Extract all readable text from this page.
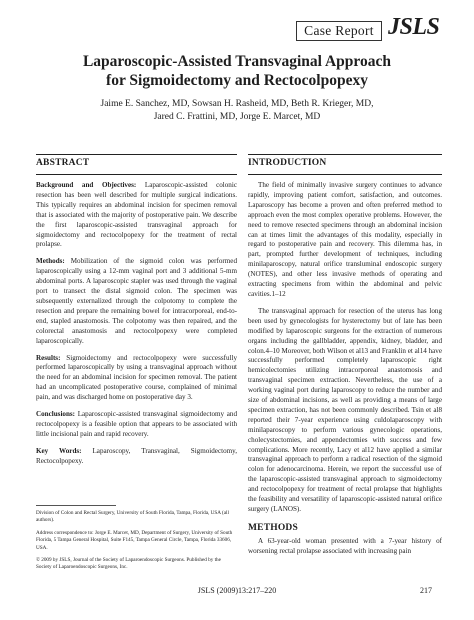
Case Report JSLS
Laparoscopic-Assisted Transvaginal Approach
for Sigmoidectomy and Rectocolpopexy
Jaime E. Sanchez, MD, Sowsan H. Rasheid, MD, Beth R. Krieger, MD,
Jared C. Frattini, MD, Jorge E. Marcet, MD
ABSTRACT

Background and Objectives: Laparoscopic-assisted colonic resection has been well described for multiple surgical indications. This typically requires an abdominal incision for specimen removal that is associated with the majority of postoperative pain. We describe the first laparoscopic-assisted transvaginal approach for sigmoidectomy and rectocolpopexy for the treatment of rectal prolapse.

Methods: Mobilization of the sigmoid colon was performed laparoscopically using a 12-mm vaginal port and 3 additional 5-mm abdominal ports. A laparoscopic stapler was used through the vaginal port to transect the distal sigmoid colon. The specimen was subsequently externalized through the colpotomy to complete the resection and prepare the remaining bowel for intracorporeal, end-to-end, stapled anastomosis. The colpotomy was then repaired, and the colorectal anastomosis and rectocolpopexy were completed laparoscopically.

Results: Sigmoidectomy and rectocolpopexy were successfully performed laparoscopically by using a transvaginal approach without the need for an abdominal incision for specimen removal. The patient had an uncomplicated postoperative course, complained of minimal pain, and was discharged home on postoperative day 3.

Conclusions: Laparoscopic-assisted transvaginal sigmoidectomy and rectocolpopexy is a feasible option that appears to be associated with little incisional pain and rapid recovery.

Key Words: Laparoscopy, Transvaginal, Sigmoidectomy, Rectocolpopexy.

INTRODUCTION

The field of minimally invasive surgery continues to advance rapidly, improving patient comfort, satisfaction, and outcomes. Laparoscopy has become a proven and often preferred method to approach even the most complex operative problems. However, the need to remove resected specimens through an abdominal incision can at times limit the advantages of this modality, especially in regard to postoperative pain and recovery. This dilemma has, in part, prompted further development of techniques, including minilaparoscopy, natural orifice transluminal endoscopic surgery (NOTES), and other less invasive methods of operating and extracting specimens from within the abdominal and pelvic cavities.1–12

The transvaginal approach for resection of the uterus has long been used by gynecologists for hysterectomy but of late has been modified by laparoscopic surgeons for the extraction of numerous organs including the gallbladder, appendix, kidney, bladder, and colon.4–10 Moreover, both Wilson et al13 and Franklin et al14 have successfully performed completely laparoscopic right hemicolectomies utilizing intracorporeal anastomosis and transvaginal specimen extraction. Nevertheless, the use of a working vaginal port during laparoscopy to reduce the number and size of abdominal incisions, as well as providing a means of large specimen extraction, has not been commonly described. Tsin et al8 reported their 7-year experience using culdolaparoscopy with minilaparoscopy to perform various gynecologic operations, cholecystectomies, and appendectomies with success and few complications. More recently, Lacy et al12 have applied a similar transvaginal approach to perform a radical resection of the sigmoid colon for adenocarcinoma. Herein, we report the successful use of the laparoscopic-assisted transvaginal approach to sigmoidectomy and rectocolpopexy for treatment of rectal prolapse that highlights the feasibility and versatility of laparoscopic-assisted natural orifice surgery (LANOS).

METHODS

A 63-year-old woman presented with a 7-year history of worsening rectal prolapse associated with increasing pain

Division of Colon and Rectal Surgery, University of South Florida, Tampa, Florida, USA (all authors).

Address correspondence to: Jorge E. Marcet, MD, Department of Surgery, University of South Florida, 5 Tampa General Hospital, Suite F145, Tampa General Circle, Tampa, Florida 33606, USA.

© 2009 by JSLS, Journal of the Society of Laparoendoscopic Surgeons. Published by the Society of Laparoendoscopic Surgeons, Inc.

JSLS (2009)13:217–220	217
